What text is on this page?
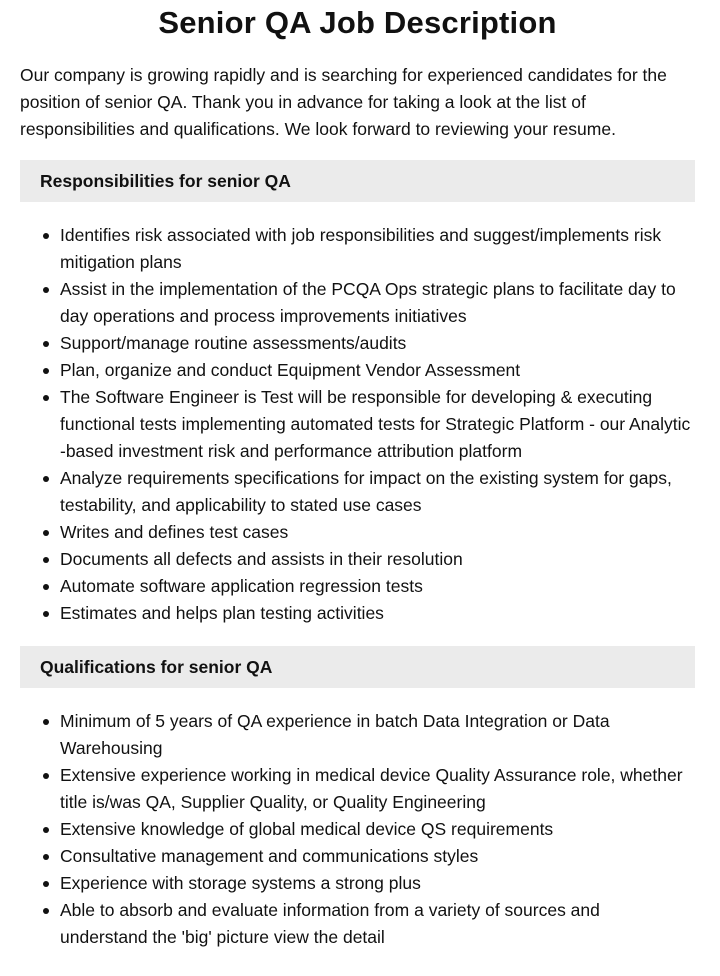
Senior QA Job Description

Our company is growing rapidly and is searching for experienced candidates for the position of senior QA. Thank you in advance for taking a look at the list of responsibilities and qualifications. We look forward to reviewing your resume.

Responsibilities for senior QA
Identifies risk associated with job responsibilities and suggest/implements risk mitigation plans
Assist in the implementation of the PCQA Ops strategic plans to facilitate day to day operations and process improvements initiatives
Support/manage routine assessments/audits
Plan, organize and conduct Equipment Vendor Assessment
The Software Engineer is Test will be responsible for developing & executing functional tests implementing automated tests for Strategic Platform - our Analytic -based investment risk and performance attribution platform
Analyze requirements specifications for impact on the existing system for gaps, testability, and applicability to stated use cases
Writes and defines test cases
Documents all defects and assists in their resolution
Automate software application regression tests
Estimates and helps plan testing activities
Qualifications for senior QA
Minimum of 5 years of QA experience in batch Data Integration or Data Warehousing
Extensive experience working in medical device Quality Assurance role, whether title is/was QA, Supplier Quality, or Quality Engineering
Extensive knowledge of global medical device QS requirements
Consultative management and communications styles
Experience with storage systems a strong plus
Able to absorb and evaluate information from a variety of sources and understand the 'big' picture view the detail
